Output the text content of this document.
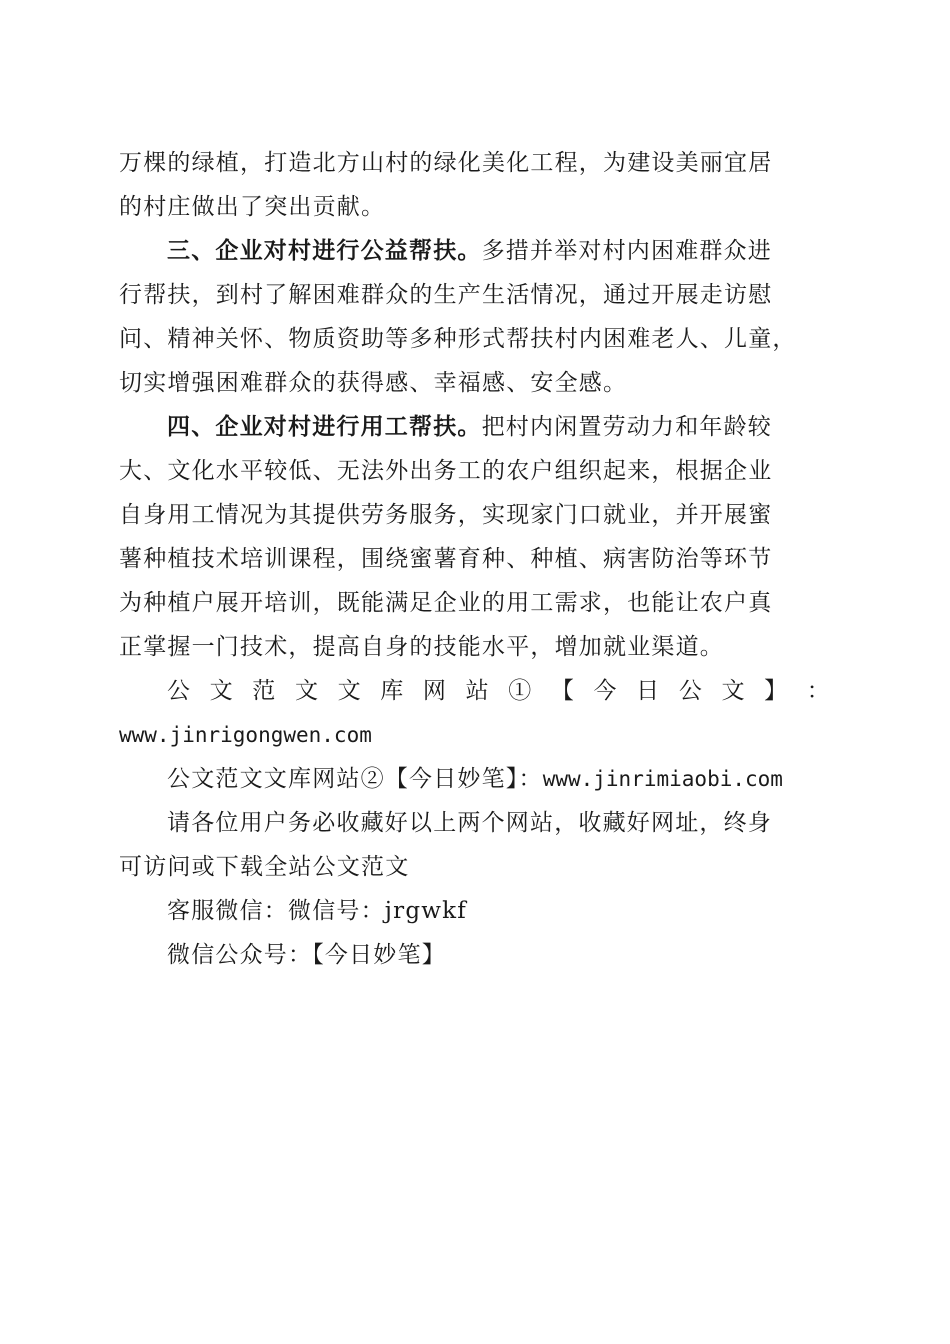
万棵的绿植，打造北方山村的绿化美化工程，为建设美丽宜居
的村庄做出了突出贡献。
三、企业对村进行公益帮扶。多措并举对村内困难群众进
行帮扶，到村了解困难群众的生产生活情况，通过开展走访慰
问、精神关怀、物质资助等多种形式帮扶村内困难老人、儿童，
切实增强困难群众的获得感、幸福感、安全感。
四、企业对村进行用工帮扶。把村内闲置劳动力和年龄较
大、文化水平较低、无法外出务工的农户组织起来，根据企业
自身用工情况为其提供劳务服务，实现家门口就业，并开展蜜
薯种植技术培训课程，围绕蜜薯育种、种植、病害防治等环节
为种植户展开培训，既能满足企业的用工需求，也能让农户真
正掌握一门技术，提高自身的技能水平，增加就业渠道。
公 文 范 文 文 库 网 站 ① 【 今 日 公 文 】 ：
www.jinrigongwen.com
公文范文文库网站②【今日妙笔】：www.jinrimiaobi.com
请各位用户务必收藏好以上两个网站，收藏好网址，终身
可访问或下载全站公文范文
客服微信：微信号：jrgwkf
微信公众号：【今日妙笔】
